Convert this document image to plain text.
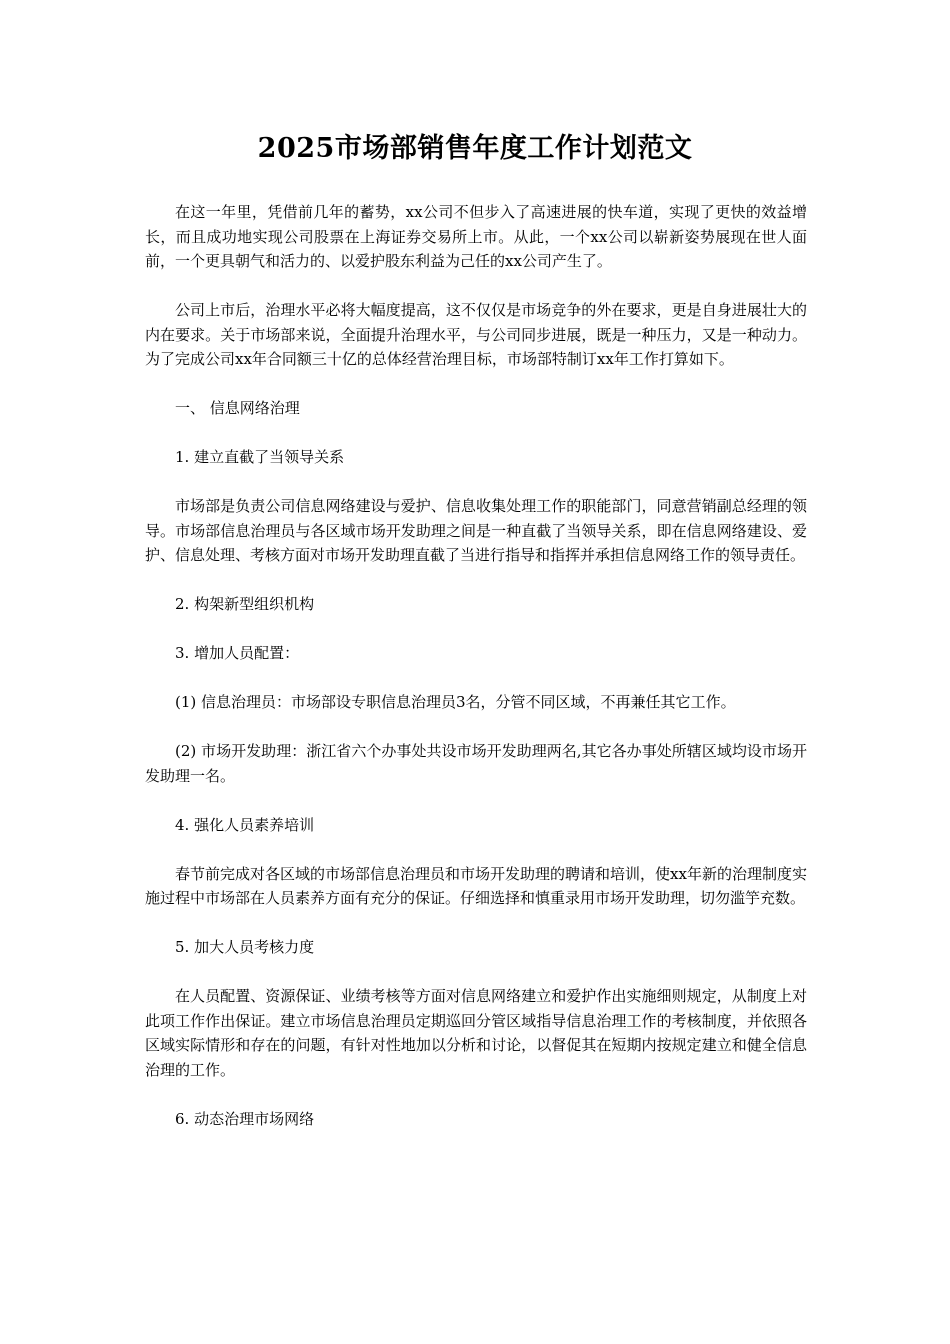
2025市场部销售年度工作计划范文

在这一年里，凭借前几年的蓄势，xx公司不但步入了高速进展的快车道，实现了更快的效益增长，而且成功地实现公司股票在上海证券交易所上市。从此，一个xx公司以崭新姿势展现在世人面前，一个更具朝气和活力的、以爱护股东利益为己任的xx公司产生了。

公司上市后，治理水平必将大幅度提高，这不仅仅是市场竞争的外在要求，更是自身进展壮大的内在要求。关于市场部来说，全面提升治理水平，与公司同步进展，既是一种压力，又是一种动力。为了完成公司xx年合同额三十亿的总体经营治理目标，市场部特制订xx年工作打算如下。

一、 信息网络治理

1. 建立直截了当领导关系

市场部是负责公司信息网络建设与爱护、信息收集处理工作的职能部门，同意营销副总经理的领导。市场部信息治理员与各区域市场开发助理之间是一种直截了当领导关系，即在信息网络建设、爱护、信息处理、考核方面对市场开发助理直截了当进行指导和指挥并承担信息网络工作的领导责任。

2. 构架新型组织机构

3. 增加人员配置：

(1) 信息治理员：市场部设专职信息治理员3名，分管不同区域，不再兼任其它工作。

(2) 市场开发助理：浙江省六个办事处共设市场开发助理两名,其它各办事处所辖区域均设市场开发助理一名。

4. 强化人员素养培训

春节前完成对各区域的市场部信息治理员和市场开发助理的聘请和培训，使xx年新的治理制度实施过程中市场部在人员素养方面有充分的保证。仔细选择和慎重录用市场开发助理，切勿滥竽充数。

5. 加大人员考核力度

在人员配置、资源保证、业绩考核等方面对信息网络建立和爱护作出实施细则规定，从制度上对此项工作作出保证。建立市场信息治理员定期巡回分管区域指导信息治理工作的考核制度，并依照各区域实际情形和存在的问题，有针对性地加以分析和讨论，以督促其在短期内按规定建立和健全信息治理的工作。

6. 动态治理市场网络
